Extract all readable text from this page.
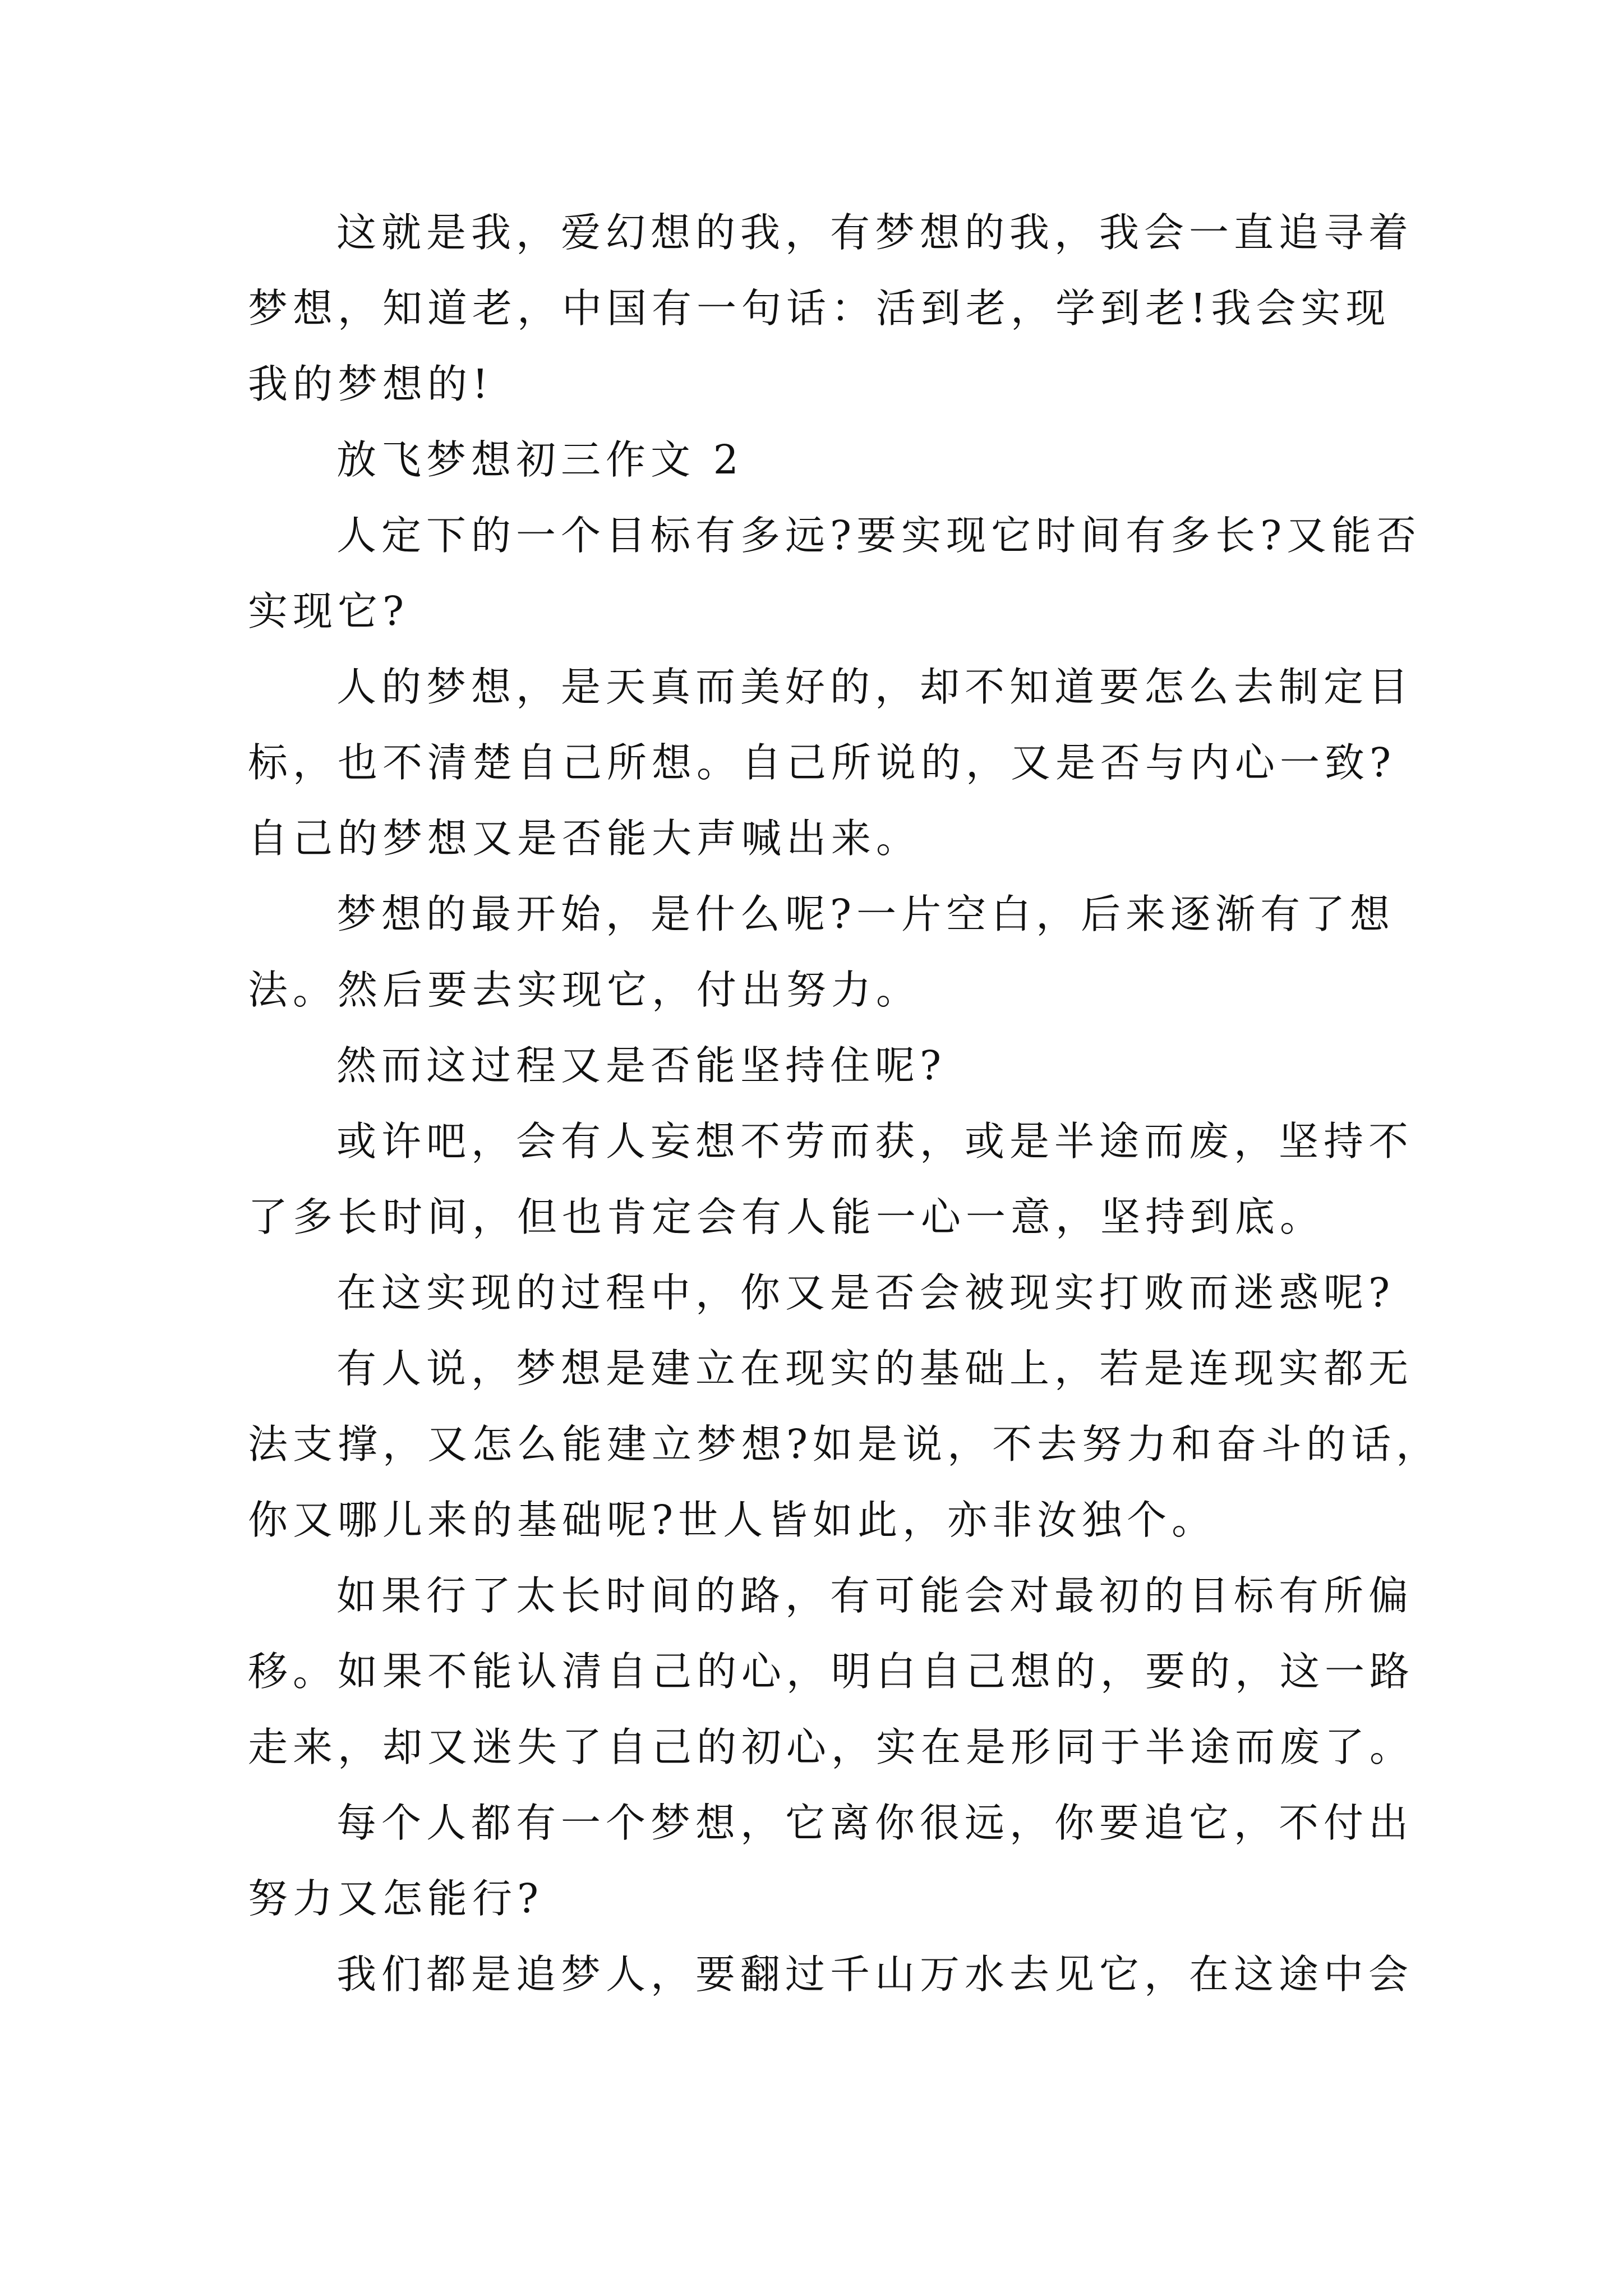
这就是我，爱幻想的我，有梦想的我，我会一直追寻着
梦想，知道老，中国有一句话：活到老，学到老!我会实现
我的梦想的!
放飞梦想初三作文 2
人定下的一个目标有多远?要实现它时间有多长?又能否
实现它?
人的梦想，是天真而美好的，却不知道要怎么去制定目
标，也不清楚自己所想。自己所说的，又是否与内心一致?
自己的梦想又是否能大声喊出来。
梦想的最开始，是什么呢?一片空白，后来逐渐有了想
法。然后要去实现它，付出努力。
然而这过程又是否能坚持住呢?
或许吧，会有人妄想不劳而获，或是半途而废，坚持不
了多长时间，但也肯定会有人能一心一意，坚持到底。
在这实现的过程中，你又是否会被现实打败而迷惑呢?
有人说，梦想是建立在现实的基础上，若是连现实都无
法支撑，又怎么能建立梦想?如是说，不去努力和奋斗的话，
你又哪儿来的基础呢?世人皆如此，亦非汝独个。
如果行了太长时间的路，有可能会对最初的目标有所偏
移。如果不能认清自己的心，明白自己想的，要的，这一路
走来，却又迷失了自己的初心，实在是形同于半途而废了。
每个人都有一个梦想，它离你很远，你要追它，不付出
努力又怎能行?
我们都是追梦人，要翻过千山万水去见它，在这途中会
